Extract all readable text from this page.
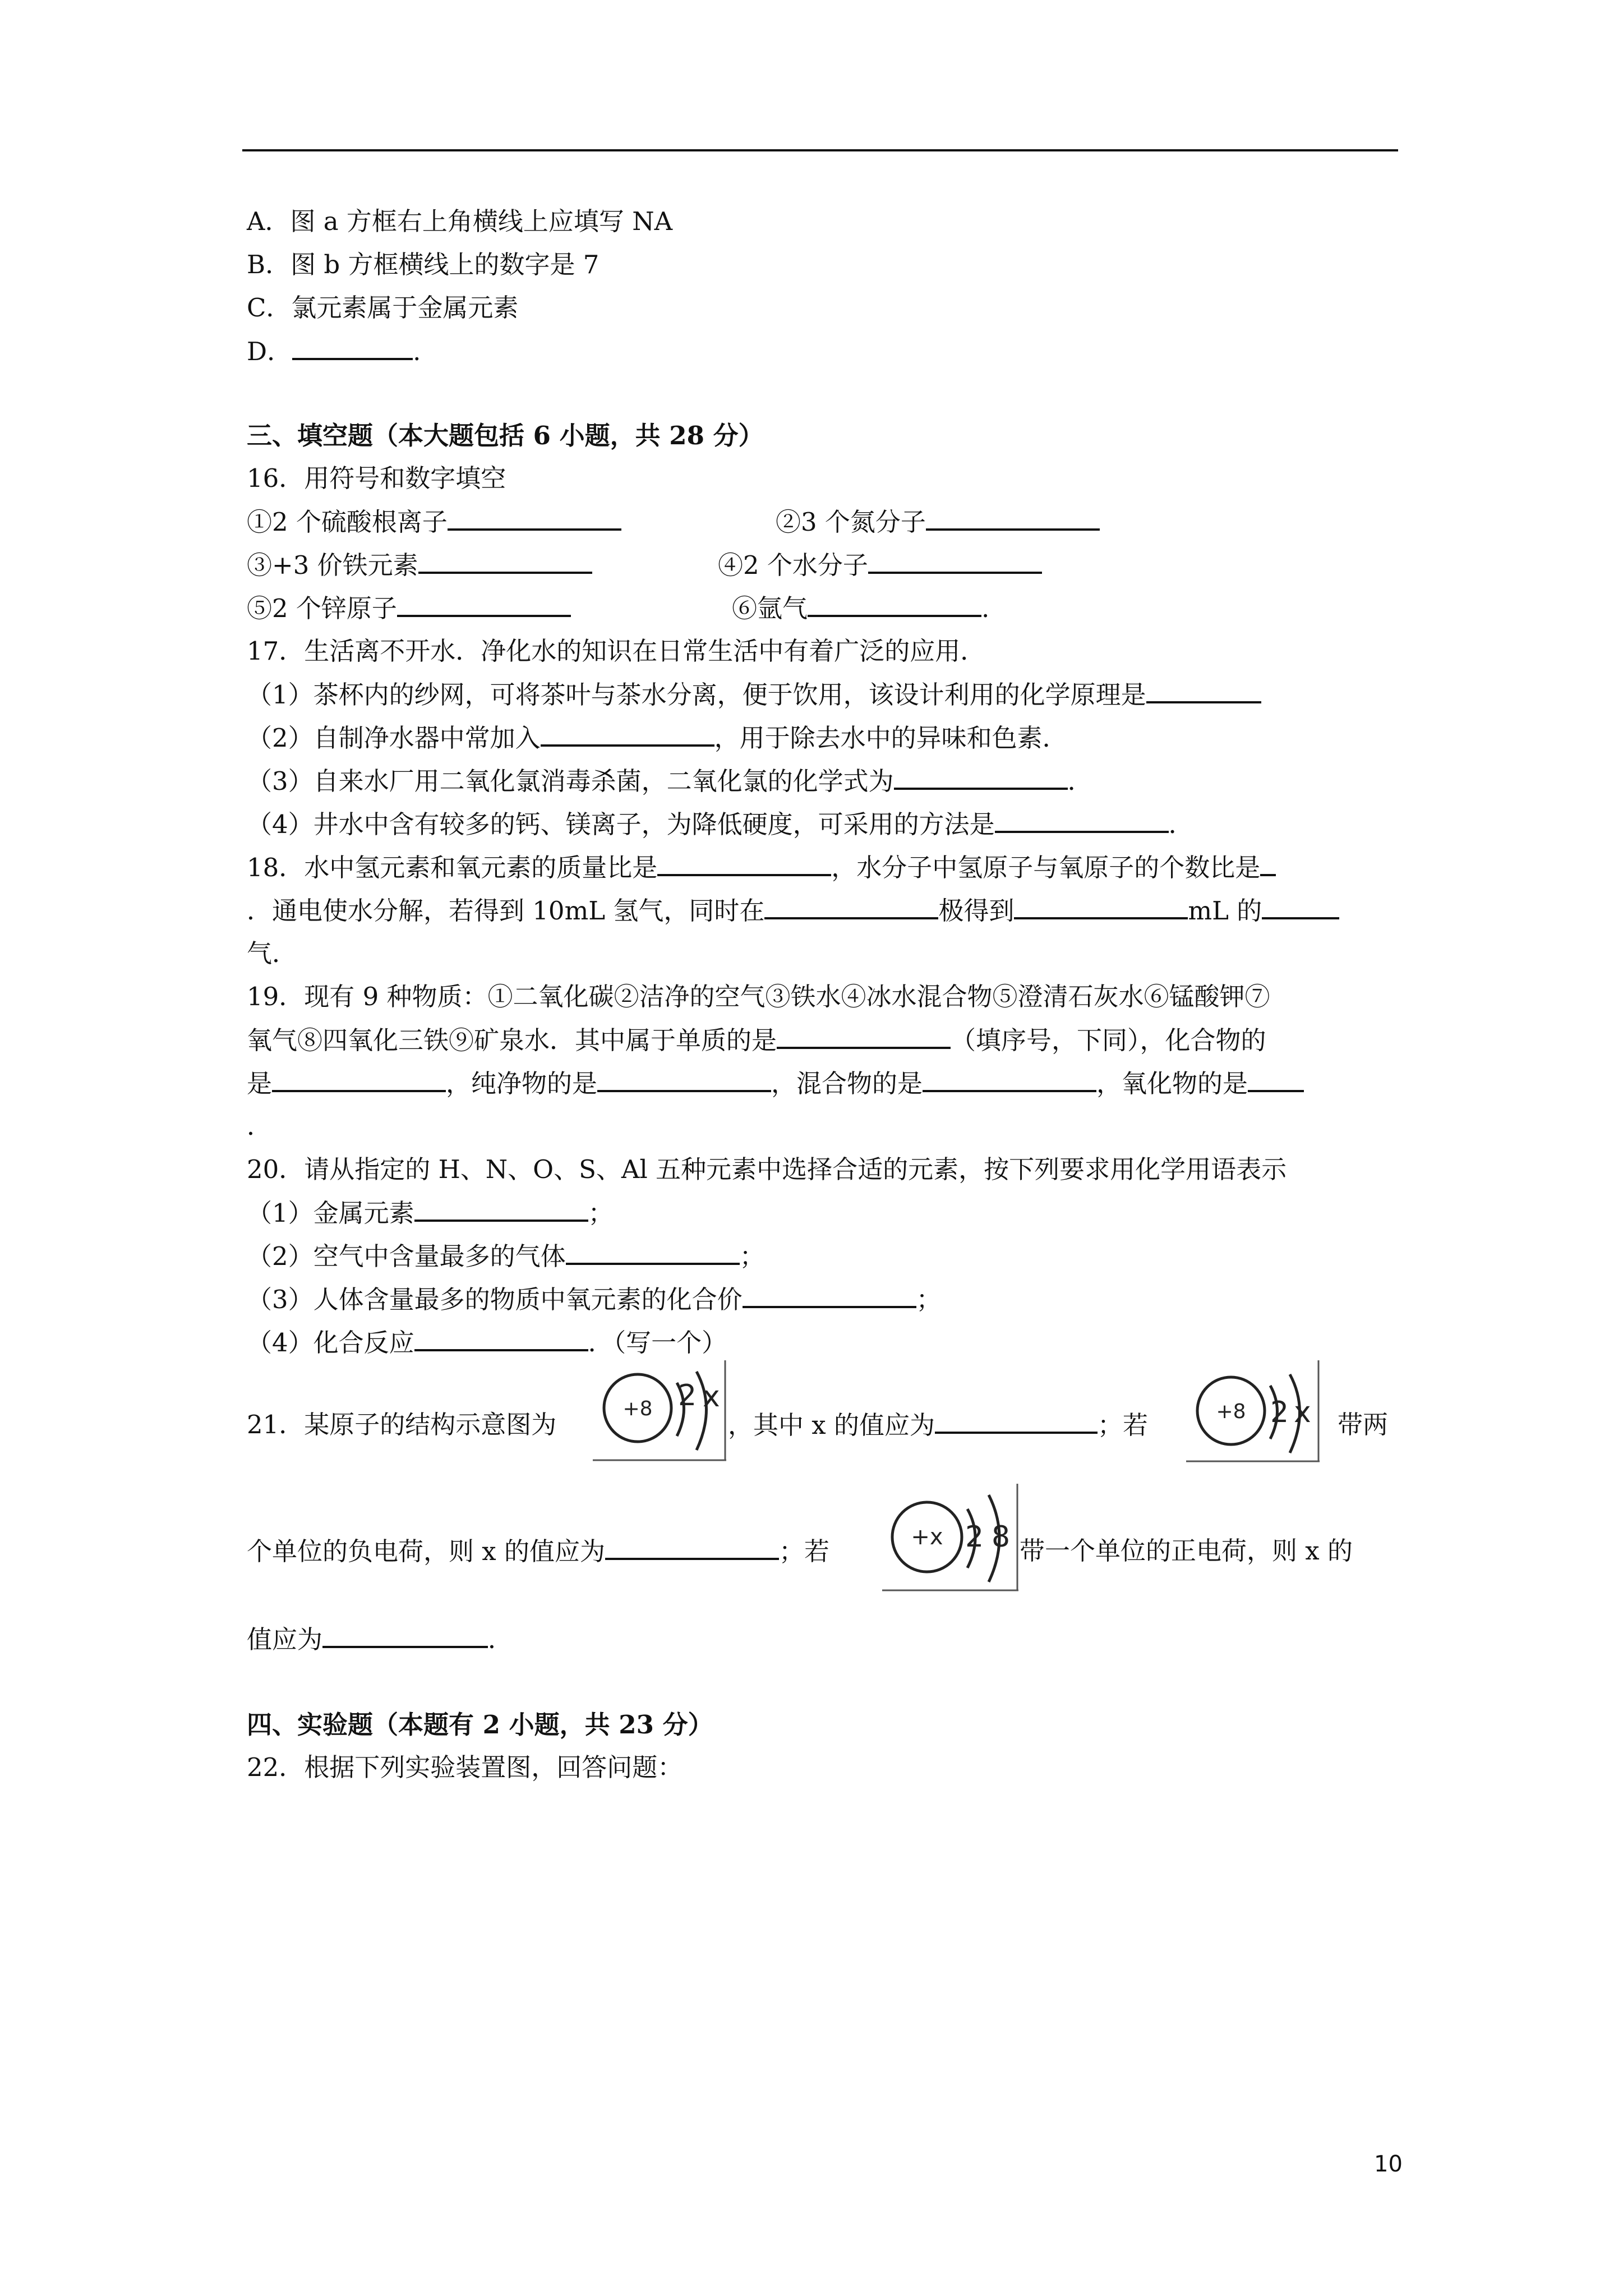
A．图 a 方框右上角横线上应填写 NA
B．图 b 方框横线上的数字是 7
C．氯元素属于金属元素
D．	.
三、填空题（本大题包括 6 小题，共 28 分）
16．用符号和数字填空
①2 个硫酸根离子	②3 个氮分子
③+3 价铁元素	④2 个水分子
⑤2 个锌原子	⑥氩气	.
17．生活离不开水．净化水的知识在日常生活中有着广泛的应用．
（1）茶杯内的纱网，可将茶叶与茶水分离，便于饮用，该设计利用的化学原理是
（2）自制净水器中常加入	，用于除去水中的异味和色素．
（3）自来水厂用二氧化氯消毒杀菌，二氧化氯的化学式为	．
（4）井水中含有较多的钙、镁离子，为降低硬度，可采用的方法是	．
18．水中氢元素和氧元素的质量比是	，水分子中氢原子与氧原子的个数比是
．通电使水分解，若得到 10mL 氢气，同时在	极得到	mL 的
气．
19．现有 9 种物质：①二氧化碳②洁净的空气③铁水④冰水混合物⑤澄清石灰水⑥锰酸钾⑦
氧气⑧四氧化三铁⑨矿泉水．其中属于单质的是	（填序号，下同），化合物的
是	，纯净物的是	，混合物的是	，氧化物的是
．
20．请从指定的 H、N、O、S、Al 五种元素中选择合适的元素，按下列要求用化学用语表示
（1）金属元素	；
（2）空气中含量最多的气体	；
（3）人体含量最多的物质中氧元素的化合价	；
（4）化合反应	．（写一个）
21．某原子的结构示意图为
+8 2 x
，其中 x 的值应为	；若	+8 2 x 带两
个单位的负电荷，则 x 的值应为	；若	+x 2 8 带一个单位的正电荷，则 x 的
值应为	．
四、实验题（本题有 2 小题，共 23 分）
22．根据下列实验装置图，回答问题：
10
